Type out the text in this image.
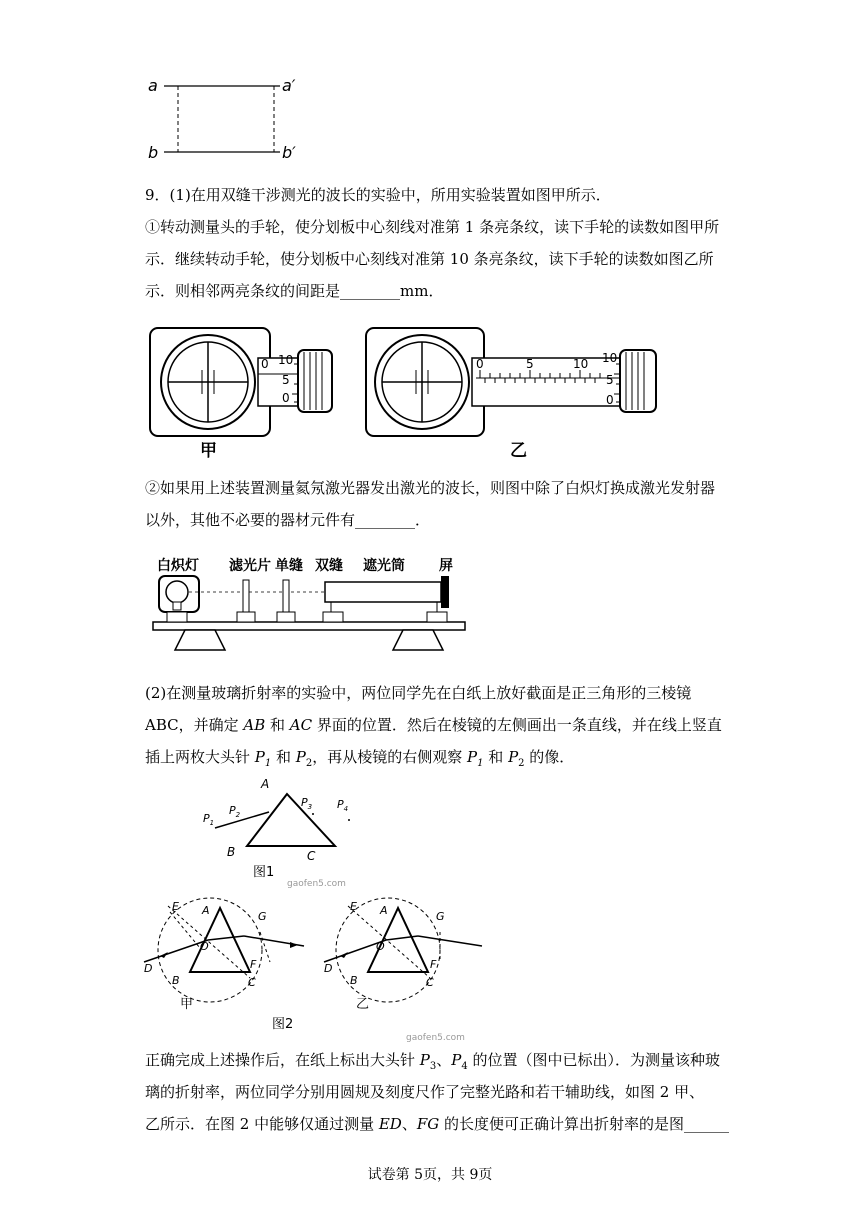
a	a′
b	b′
9．(1)在用双缝干涉测光的波长的实验中，所用实验装置如图甲所示．
①转动测量头的手轮，使分划板中心刻线对准第 1 条亮条纹，读下手轮的读数如图甲所
示．继续转动手轮，使分划板中心刻线对准第 10 条亮条纹，读下手轮的读数如图乙所
示．则相邻两亮条纹的间距是________mm．
10
5
0
0
甲
0	5	10 10
5
0
乙
②如果用上述装置测量氦氖激光器发出激光的波长，则图中除了白炽灯换成激光发射器
以外，其他不必要的器材元件有________．
白炽灯 滤光片 单缝 双缝 遮光筒 屏
(2)在测量玻璃折射率的实验中，两位同学先在白纸上放好截面是正三角形的三棱镜
ABC，并确定 AB 和 AC 界面的位置．然后在棱镜的左侧画出一条直线，并在线上竖直
插上两枚大头针 $P_1$ 和 $P_2$，再从棱镜的右侧观察 $P_1$ 和 $P_2$ 的像．
A
B	C
$P_1$
$P_2$
$P_3$ $P_4$
图1
gaofen5.com
A
B	C
D
E
F
G
O
甲
A
B	C
D
E
F
G
O
乙
图2
gaofen5.com
正确完成上述操作后，在纸上标出大头针 $P_3$、$P_4$ 的位置（图中已标出）．为测量该种玻
璃的折射率，两位同学分别用圆规及刻度尺作了完整光路和若干辅助线，如图 2 甲、
乙所示．在图 2 中能够仅通过测量 ED、FG 的长度便可正确计算出折射率的是图______
试卷第 5页，共 9页
